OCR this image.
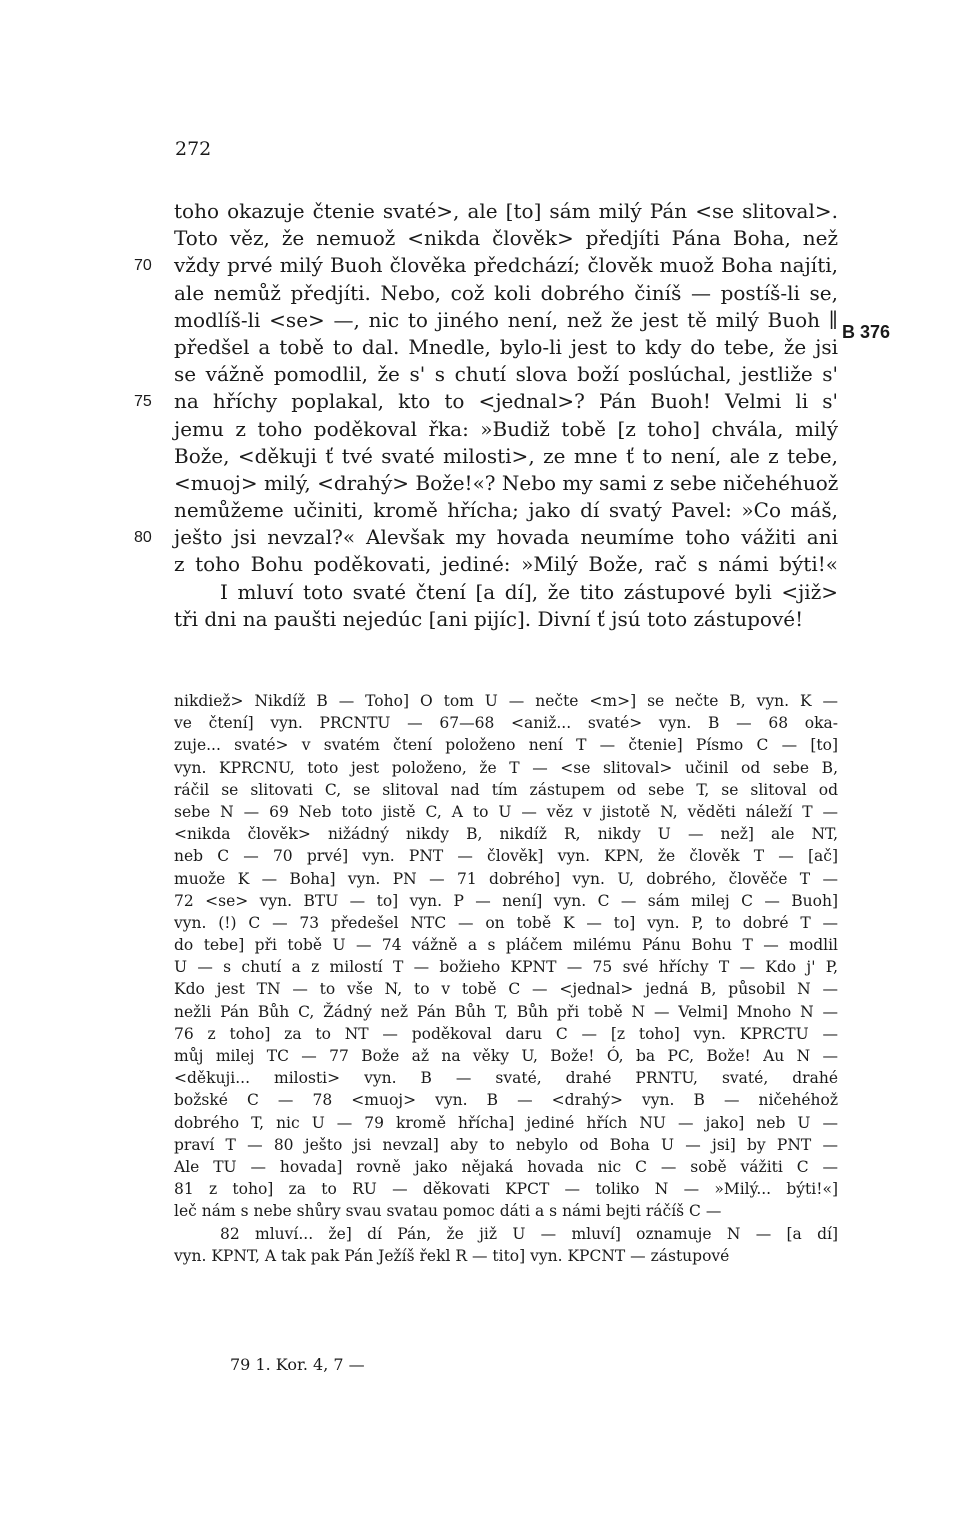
272
toho okazuje čtenie svaté>, ale [to] sám milý Pán <se slitoval>.
Toto věz, že nemuož <nikda člověk> předjíti Pána Boha, než
70 vždy prvé milý Buoh člověka předchází; člověk muož Boha najíti,
ale nemůž předjíti. Nebo, což koli dobrého činíš — postíš-li se,
modlíš-li <se> —, nic to jiného není, než že jest tě milý Buoh ∥
předšel a tobě to dal. Mnedle, bylo-li jest to kdy do tebe, že jsi
se vážně pomodlil, že s' s chutí slova boží poslúchal, jestliže s'
75 na hříchy poplakal, kto to <jednal>? Pán Buoh! Velmi li s'
jemu z toho poděkoval řka: »Budiž tobě [z toho] chvála, milý
Bože, <děkuji ť tvé svaté milosti>, ze mne ť to není, ale z tebe,
<muoj> milý, <drahý> Bože!«? Nebo my sami z sebe ničehéhuož
nemůžeme učiniti, kromě hřícha; jako dí svatý Pavel: »Co máš,
80 ješto jsi nevzal?« Alevšak my hovada neumíme toho vážiti ani
z toho Bohu poděkovati, jediné: »Milý Bože, rač s námi býti!«
I mluví toto svaté čtení [a dí], že tito zástupové byli <již>
tři dni na paušti nejedúc [ani pijíc]. Divní ť jsú toto zástupové!
B 376
nikdiež> Nikdíž B — Toho] O tom U — nečte <m>] se nečte B, vyn. K —
ve čtení] vyn. PRCNTU — 67—68 <aniž... svaté> vyn. B — 68 oka-
zuje... svaté> v svatém čtení položeno není T — čtenie] Písmo C — [to]
vyn. KPRCNU, toto jest položeno, že T — <se slitoval> učinil od sebe B,
ráčil se slitovati C, se slitoval nad tím zástupem od sebe T, se slitoval od
sebe N — 69 Neb toto jistě C, A to U — věz v jistotě N, věděti náleží T —
<nikda člověk> nižádný nikdy B, nikdíž R, nikdy U — než] ale NT,
neb C — 70 prvé] vyn. PNT — člověk] vyn. KPN, že člověk T — [ač]
muože K — Boha] vyn. PN — 71 dobrého] vyn. U, dobrého, člověče T —
72 <se> vyn. BTU — to] vyn. P — není] vyn. C — sám milej C — Buoh]
vyn. (!) C — 73 předešel NTC — on tobě K — to] vyn. P, to dobré T —
do tebe] při tobě U — 74 vážně a s pláčem milému Pánu Bohu T — modlil
U — s chutí a z milostí T — božieho KPNT — 75 své hříchy T — Kdo j' P,
Kdo jest TN — to vše N, to v tobě C — <jednal> jedná B, působil N —
nežli Pán Bůh C, Žádný než Pán Bůh T, Bůh při tobě N — Velmi] Mnoho N —
76 z toho] za to NT — poděkoval daru C — [z toho] vyn. KPRCTU —
můj milej TC — 77 Bože až na věky U, Bože! Ó, ba PC, Bože! Au N —
<děkuji... milosti> vyn. B — svaté, drahé PRNTU, svaté, drahé
božské C — 78 <muoj> vyn. B — <drahý> vyn. B — ničehéhož
dobrého T, nic U — 79 kromě hřícha] jediné hřích NU — jako] neb U —
praví T — 80 ješto jsi nevzal] aby to nebylo od Boha U — jsi] by PNT —
Ale TU — hovada] rovně jako nějaká hovada nic C — sobě vážiti C —
81 z toho] za to RU — děkovati KPCT — toliko N — »Milý... býti!«]
leč nám s nebe shůry svau svatau pomoc dáti a s námi bejti ráčíš C —
82 mluví... že] dí Pán, že již U — mluví] oznamuje N — [a dí]
vyn. KPNT, A tak pak Pán Ježíš řekl R — tito] vyn. KPCNT — zástupové
79 1. Kor. 4, 7 —
